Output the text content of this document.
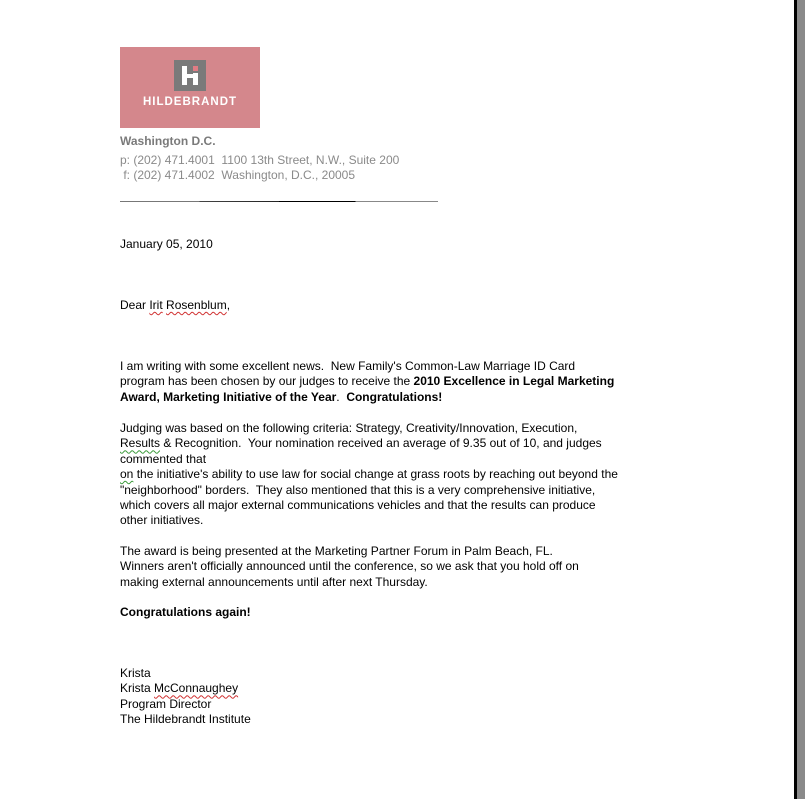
HILDEBRANDT
Washington D.C.
p: (202) 471.4001  1100 13th Street, N.W., Suite 200
f: (202) 471.4002  Washington, D.C., 20005
January 05, 2010
Dear Irit Rosenblum,
I am writing with some excellent news.  New Family's Common-Law Marriage ID Card
program has been chosen by our judges to receive the 2010 Excellence in Legal Marketing
Award, Marketing Initiative of the Year.  Congratulations!
Judging was based on the following criteria: Strategy, Creativity/Innovation, Execution,
Results & Recognition.  Your nomination received an average of 9.35 out of 10, and judges
commented that
on the initiative's ability to use law for social change at grass roots by reaching out beyond the
"neighborhood" borders.  They also mentioned that this is a very comprehensive initiative,
which covers all major external communications vehicles and that the results can produce
other initiatives.
The award is being presented at the Marketing Partner Forum in Palm Beach, FL.
Winners aren't officially announced until the conference, so we ask that you hold off on
making external announcements until after next Thursday.
Congratulations again!
Krista
Krista McConnaughey
Program Director
The Hildebrandt Institute
